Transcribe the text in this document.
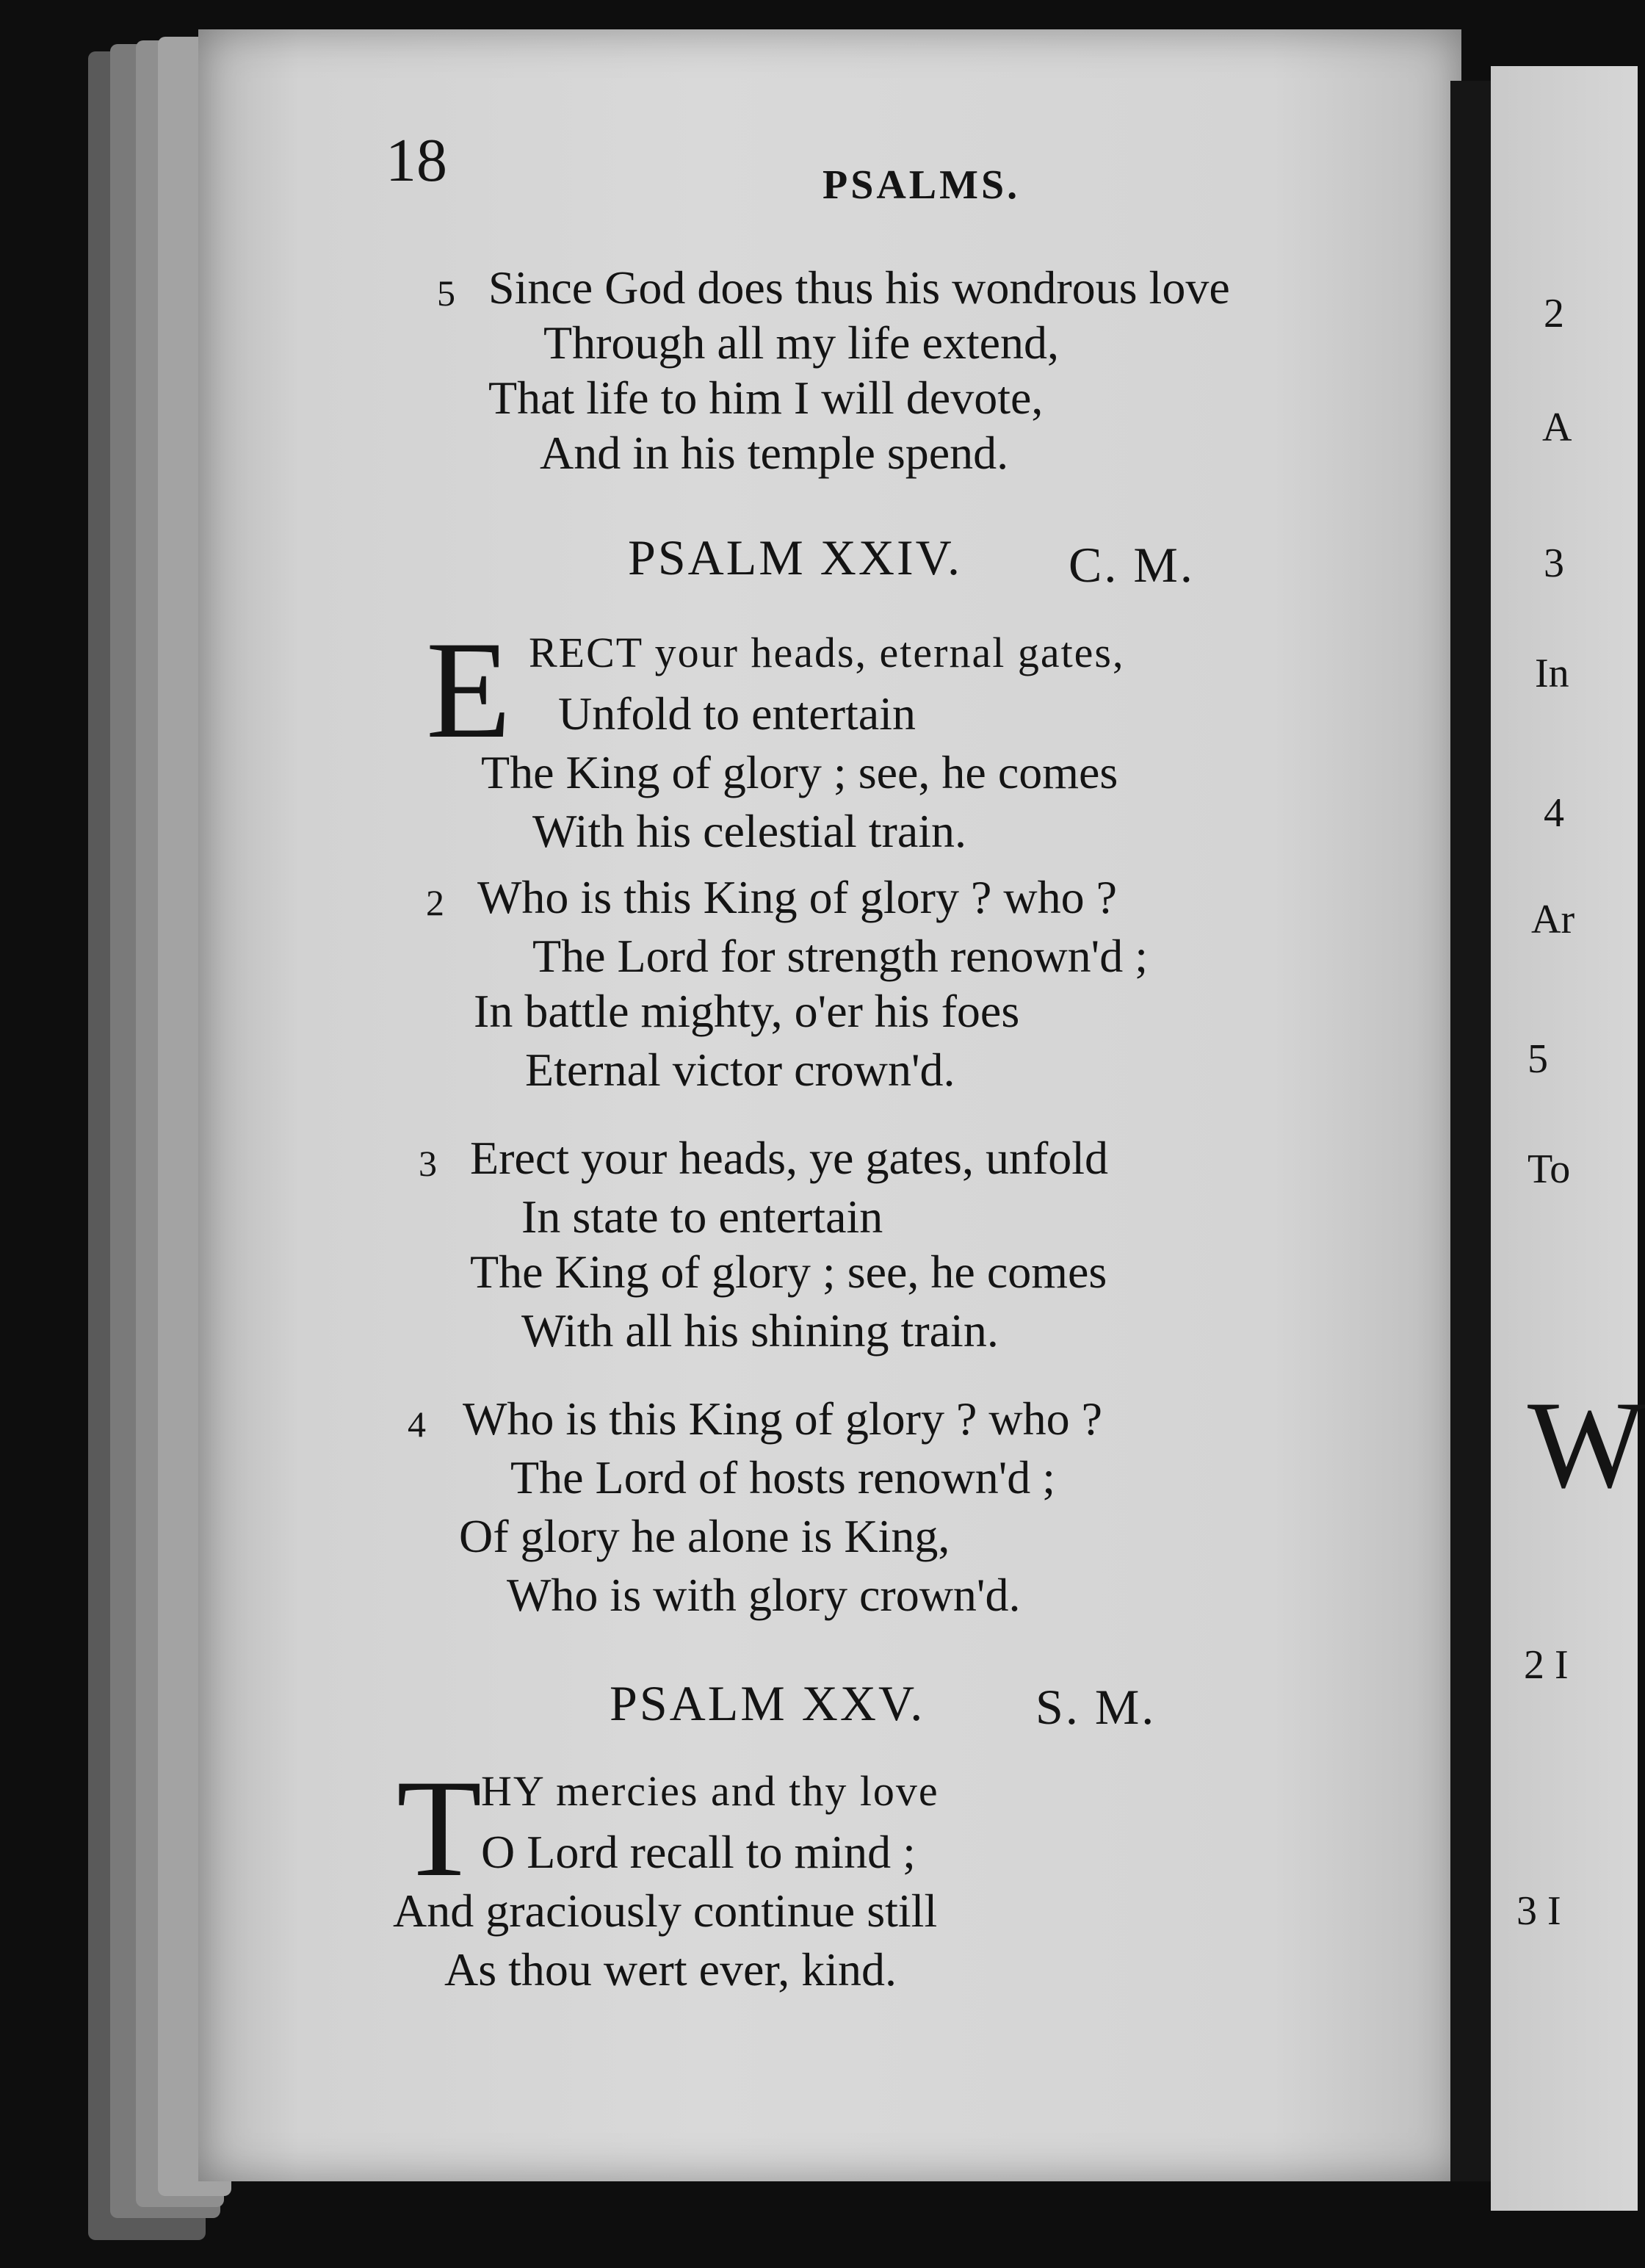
18	PSALMS.
5 Since God does thus his wondrous love
Through all my life extend,
That life to him I will devote,
And in his temple spend.
PSALM XXIV. C. M.
E RECT your heads, eternal gates,
Unfold to entertain
The King of glory ; see, he comes
With his celestial train.
2 Who is this King of glory ? who ?
The Lord for strength renown'd ;
In battle mighty, o'er his foes
Eternal victor crown'd.
3 Erect your heads, ye gates, unfold
In state to entertain
The King of glory ; see, he comes
With all his shining train.
4 Who is this King of glory ? who ?
The Lord of hosts renown'd ;
Of glory he alone is King,
Who is with glory crown'd.
PSALM XXV. S. M.
T
HY mercies and thy love
O Lord recall to mind ;
And graciously continue still
As thou wert ever, kind.
2
A
3
In
4
Ar
5
To
W
2 I
3 I
